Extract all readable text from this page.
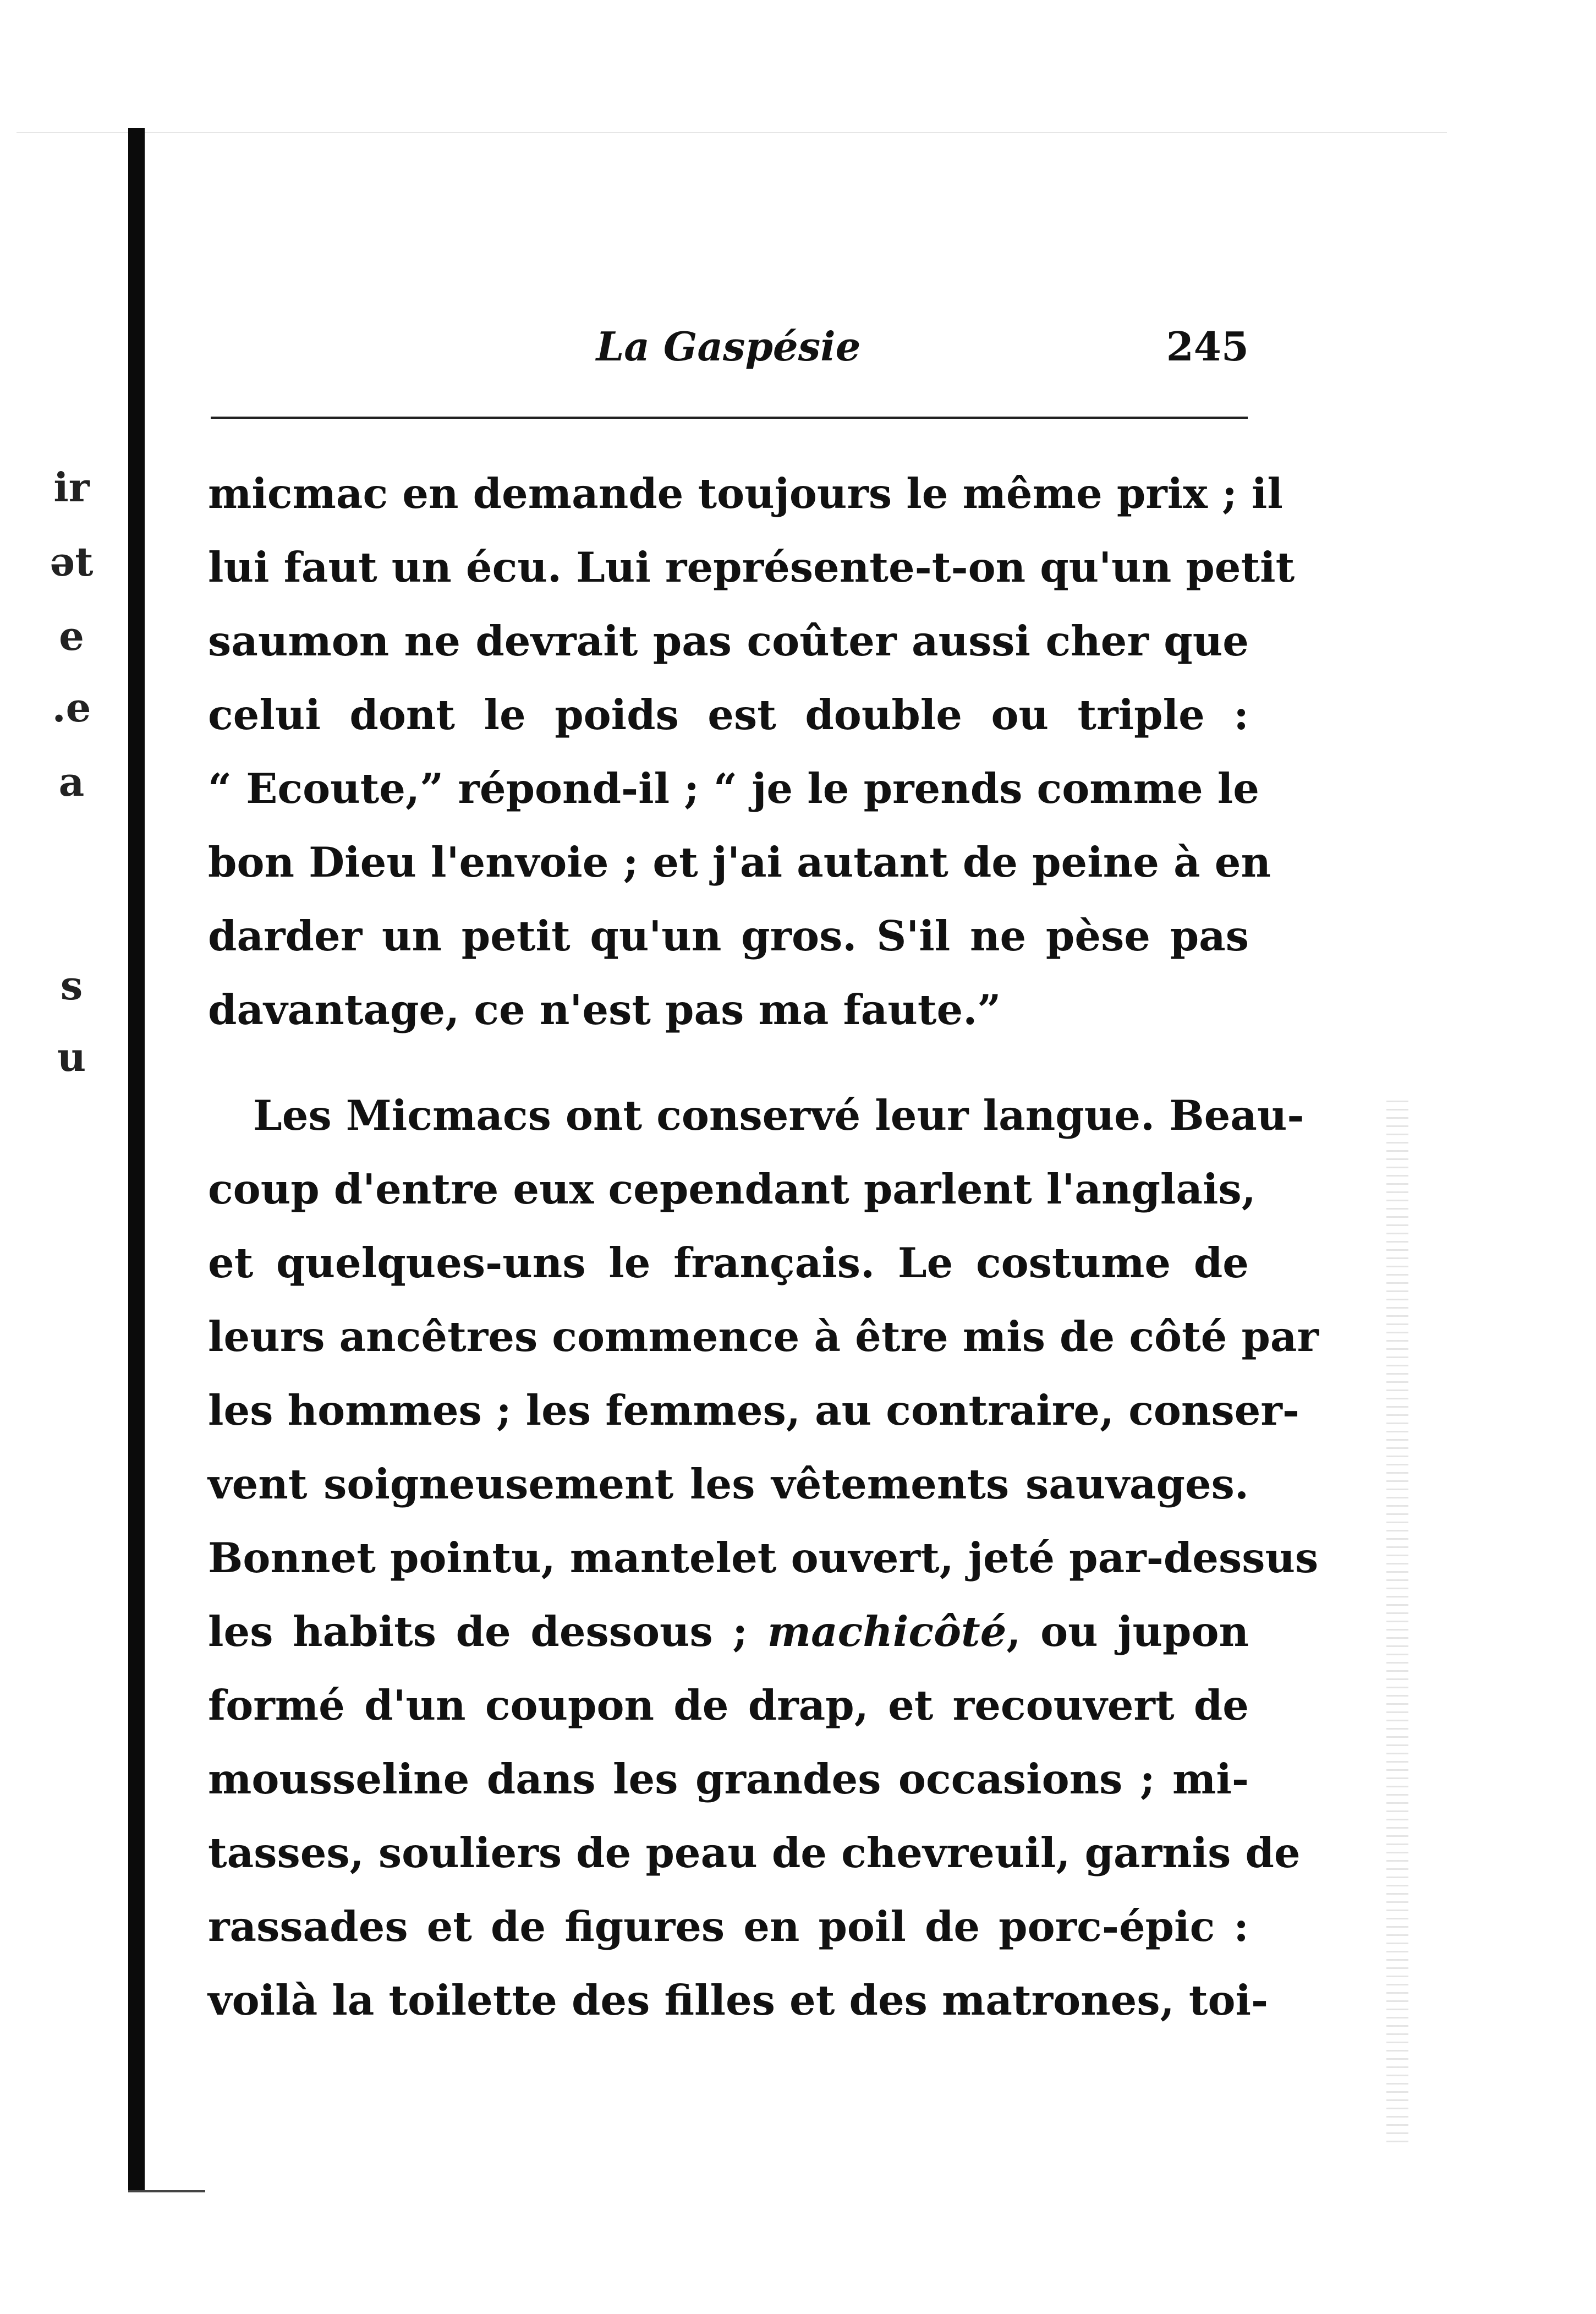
ir
ət
e
.e
a
s
u
La Gaspésie	245
micmac en demande toujours le même prix ; il
lui faut un écu. Lui représente-t-on qu'un petit
saumon ne devrait pas coûter aussi cher que
celui dont le poids est double ou triple :
“ Ecoute,” répond-il ; “ je le prends comme le
bon Dieu l'envoie ; et j'ai autant de peine à en
darder un petit qu'un gros. S'il ne pèse pas
davantage, ce n'est pas ma faute.”
Les Micmacs ont conservé leur langue. Beau-
coup d'entre eux cependant parlent l'anglais,
et quelques-uns le français. Le costume de
leurs ancêtres commence à être mis de côté par
les hommes ; les femmes, au contraire, conser-
vent soigneusement les vêtements sauvages.
Bonnet pointu, mantelet ouvert, jeté par-dessus
les habits de dessous ; machicôté, ou jupon
formé d'un coupon de drap, et recouvert de
mousseline dans les grandes occasions ; mi-
tasses, souliers de peau de chevreuil, garnis de
rassades et de figures en poil de porc-épic :
voilà la toilette des filles et des matrones, toi-
